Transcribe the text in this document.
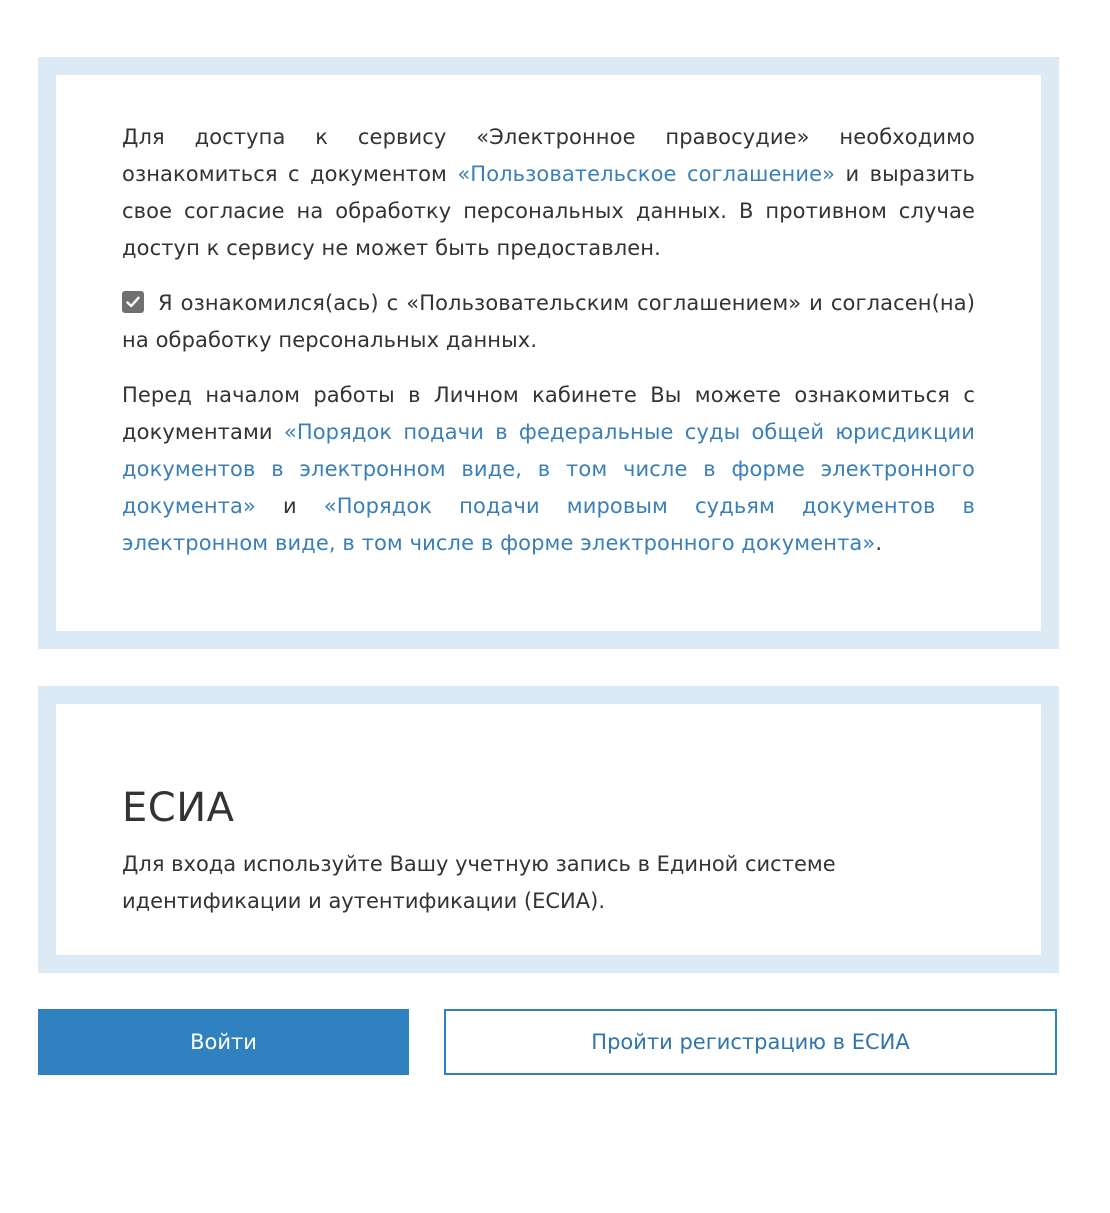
Для доступа к сервису «Электронное правосудие» необходимо ознакомиться с документом «Пользовательское соглашение» и выразить свое согласие на обработку персональных данных. В противном случае доступ к сервису не может быть предоставлен.

Я ознакомился(ась) с «Пользовательским соглашением» и согласен(на) на обработку персональных данных.

Перед началом работы в Личном кабинете Вы можете ознакомиться с документами «Порядок подачи в федеральные суды общей юрисдикции документов в электронном виде, в том числе в форме электронного документа» и «Порядок подачи мировым судьям документов в электронном виде, в том числе в форме электронного документа».

ЕСИА

Для входа используйте Вашу учетную запись в Единой системе идентификации и аутентификации (ЕСИА).

Войти	Пройти регистрацию в ЕСИА
